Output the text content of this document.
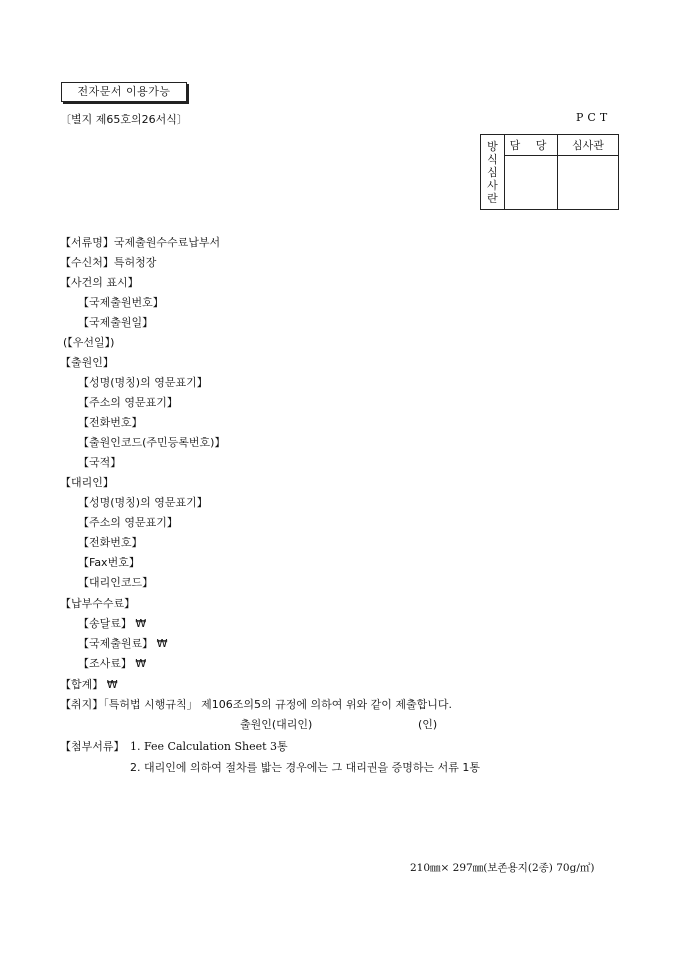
전자문서 이용가능
〔별지 제65호의26서식〕	PCT
방
식
심
사
란	담 당	심사관

【서류명】국제출원수수료납부서
【수신처】특허청장
【사건의 표시】
【국제출원번호】
【국제출원일】
(【우선일】)
【출원인】
【성명(명칭)의 영문표기】
【주소의 영문표기】
【전화번호】
【출원인코드(주민등록번호)】
【국적】
【대리인】
【성명(명칭)의 영문표기】
【주소의 영문표기】
【전화번호】
【Fax번호】
【대리인코드】
【납부수수료】
【송달료】 ₩
【국제출원료】 ₩
【조사료】 ₩
【합계】 ₩
【취지】「특허법 시행규칙」 제106조의5의 규정에 의하여 위와 같이 제출합니다.
출원인(대리인)	(인)
【첨부서류】 1. Fee Calculation Sheet 3통
2. 대리인에 의하여 절차를 밟는 경우에는 그 대리권을 증명하는 서류 1통
210㎜× 297㎜(보존용지(2종) 70g/㎡)
